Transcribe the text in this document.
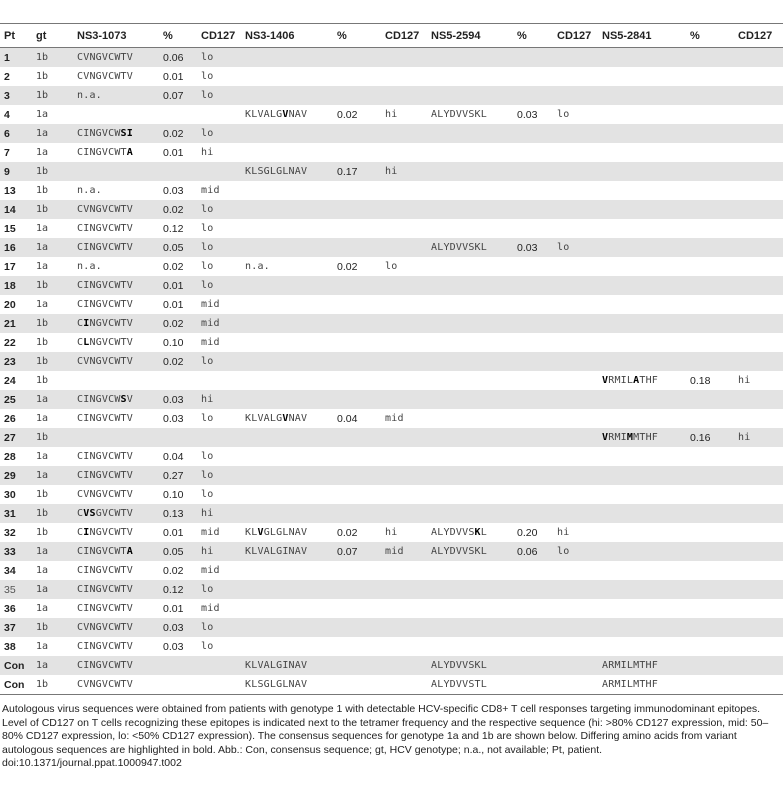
Pt	gt	NS3-1073	%	CD127	NS3-1406	%	CD127	NS5-2594	%	CD127	NS5-2841	%	CD127
1	1b	CVNGVCWTV	0.06	lo									
2	1b	CVNGVCWTV	0.01	lo									
3	1b	n.a.	0.07	lo									
4	1a				KLVALGVNAV	0.02	hi	ALYDVVSKL	0.03	lo			
6	1a	CINGVCWSI	0.02	lo									
7	1a	CINGVCWTA	0.01	hi									
9	1b				KLSGLGLNAV	0.17	hi						
13	1b	n.a.	0.03	mid									
14	1b	CVNGVCWTV	0.02	lo									
15	1a	CINGVCWTV	0.12	lo									
16	1a	CINGVCWTV	0.05	lo				ALYDVVSKL	0.03	lo			
17	1a	n.a.	0.02	lo	n.a.	0.02	lo						
18	1b	CINGVCWTV	0.01	lo									
20	1a	CINGVCWTV	0.01	mid									
21	1b	CINGVCWTV	0.02	mid									
22	1b	CLNGVCWTV	0.10	mid									
23	1b	CVNGVCWTV	0.02	lo									
24	1b										VRMILATHF	0.18	hi
25	1a	CINGVCWSV	0.03	hi									
26	1a	CINGVCWTV	0.03	lo	KLVALGVNAV	0.04	mid						
27	1b										VRMIMMTHF	0.16	hi
28	1a	CINGVCWTV	0.04	lo									
29	1a	CINGVCWTV	0.27	lo									
30	1b	CVNGVCWTV	0.10	lo									
31	1b	CVSGVCWTV	0.13	hi									
32	1b	CINGVCWTV	0.01	mid	KLVGLGLNAV	0.02	hi	ALYDVVSKL	0.20	hi			
33	1a	CINGVCWTA	0.05	hi	KLVALGINAV	0.07	mid	ALYDVVSKL	0.06	lo			
34	1a	CINGVCWTV	0.02	mid									
35	1a	CINGVCWTV	0.12	lo									
36	1a	CINGVCWTV	0.01	mid									
37	1b	CVNGVCWTV	0.03	lo									
38	1a	CINGVCWTV	0.03	lo									
Con	1a	CINGVCWTV			KLVALGINAV			ALYDVVSKL			ARMILMTHF		
Con	1b	CVNGVCWTV			KLSGLGLNAV			ALYDVVSTL			ARMILMTHF		
Autologous virus sequences were obtained from patients with genotype 1 with detectable HCV-specific CD8+ T cell responses targeting immunodominant epitopes. Level of CD127 on T cells recognizing these epitopes is indicated next to the tetramer frequency and the respective sequence (hi: >80% CD127 expression, mid: 50–80% CD127 expression, lo: <50% CD127 expression). The consensus sequences for genotype 1a and 1b are shown below. Differing amino acids from variant autologous sequences are highlighted in bold. Abb.: Con, consensus sequence; gt, HCV genotype; n.a., not available; Pt, patient.
doi:10.1371/journal.ppat.1000947.t002
